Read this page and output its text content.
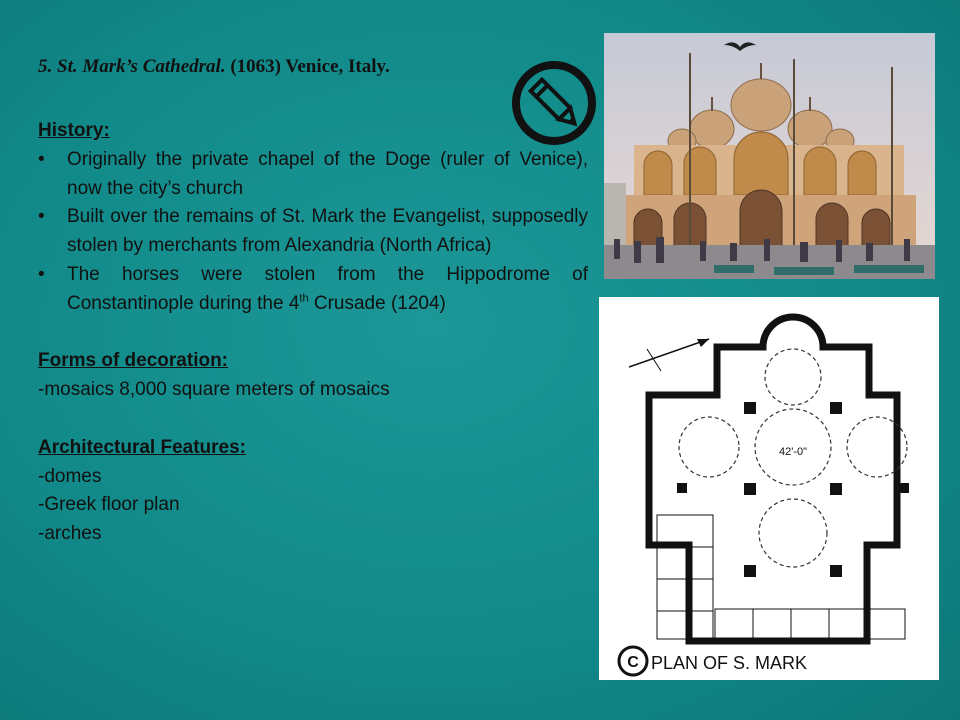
5. St. Mark’s Cathedral. (1063) Venice, Italy.
History:
• Originally the private chapel of the Doge (ruler of Venice), now the city’s church
• Built over the remains of St. Mark the Evangelist, supposedly stolen by merchants from Alexandria (North Africa)
• The horses were stolen from the Hippodrome of Constantinople during the 4th Crusade (1204)
Forms of decoration:
-mosaics 8,000 square meters of mosaics
Architectural Features:
-domes
-Greek floor plan
-arches
42'-0"
C PLAN OF S. MARK
